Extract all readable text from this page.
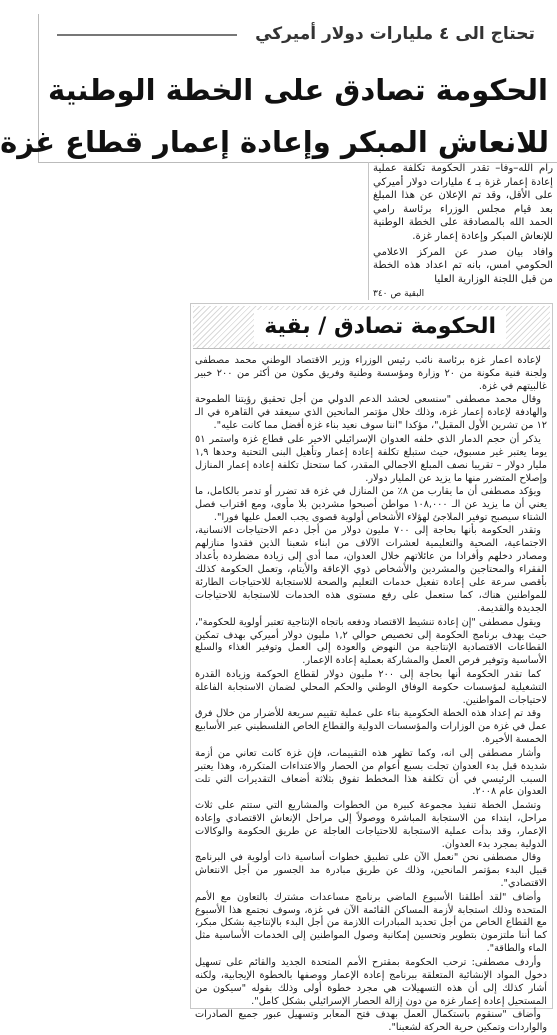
تحتاج الى ٤ مليارات دولار أميركي
الحكومة تصادق على الخطة الوطنية
للانعاش المبكر وإعادة إعمار قطاع غزة

رام الله–وفا– تقدر الحكومة تكلفة عملية إعادة إعمار غزة بـ ٤ مليارات دولار أميركي على الأقل، وقد تم الإعلان عن هذا المبلغ بعد قيام مجلس الوزراء برئاسة رامي الحمد الله بالمصادقة على الخطة الوطنية للإنعاش المبكر وإعادة إعمار غزة.

وافاد بيان صدر عن المركز الاعلامي الحكومي امس، بانه تم اعداد هذه الخطة من قبل اللجنة الوزارية العليا

البقية ص ٣٤٠
الحكومة تصادق / بقية

لإعادة اعمار غزة برئاسة نائب رئيس الوزراء وزير الاقتصاد الوطني محمد مصطفى ولجنة فنية مكونة من ٢٠ وزارة ومؤسسة وطنية وفريق مكون من أكثر من ٢٠٠ خبير غالبيتهم في غزة.

وقال محمد مصطفى "سنسعى لحشد الدعم الدولي من أجل تحقيق رؤيتنا الطموحة والهادفة لإعادة إعمار غزة، وذلك خلال مؤتمر المانحين الذي سيعقد في القاهرة في الـ ١٢ من تشرين الأول المقبل"، مؤكدا "اننا سوف نعيد بناء غزة أفضل مما كانت عليه".

يذكر أن حجم الدمار الذي خلفه العدوان الإسرائيلي الاخير على قطاع غزة واستمر ٥١ يوما يعتبر غير مسبوق، حيث ستبلغ تكلفة إعادة إعمار وتأهيل البنى التحتية وحدها ١,٩ مليار دولار – تقريبا نصف المبلغ الاجمالي المقدر، كما ستحتل تكلفة إعادة إعمار المنازل وإصلاح المتضرر منها ما يزيد عن المليار دولار.

ويؤكد مصطفى أن ما يقارب من ٨٪ من المنازل في غزة قد تضرر أو تدمر بالكامل، ما يعني أن ما يزيد عن الـ ١٠٨,٠٠٠ مواطن أصبحوا مشردين بلا مأوى، ومع اقتراب فصل الشتاء سيصبح توفير الملاجئ لهؤلاء الأشخاص أولوية قصوى يجب العمل عليها فورا".

وتقدر الحكومة بأنها بحاجة إلى ٧٠٠ مليون دولار من أجل دعم الاحتياجات الانسانية، الاجتماعية، الصحية والتعليمية لعشرات الآلاف من ابناء شعبنا الذين فقدوا منازلهم ومصادر دخلهم وأفرادا من عائلاتهم خلال العدوان، مما أدى إلى زيادة مضطردة بأعداد الفقراء والمحتاجين والمشردين والأشخاص ذوي الإعاقة والأيتام، وتعمل الحكومة كذلك بأقصى سرعة على إعادة تفعيل خدمات التعليم والصحة للاستجابة للاحتياجات الطارئة للمواطنين هناك، كما ستعمل على رفع مستوى هذه الخدمات للاستجابة للاحتياجات الجديدة والقديمة.

ويقول مصطفى "إن إعادة تنشيط الاقتصاد ودفعه باتجاه الإنتاجية تعتبر أولوية للحكومة"، حيث يهدف برنامج الحكومة إلى تخصيص حوالي ١,٢ مليون دولار أميركي بهدف تمكين القطاعات الاقتصادية الإنتاجية من النهوض والعودة إلى العمل وتوفير الغذاء والسلع الأساسية وتوفير فرص العمل والمشاركة بعملية إعادة الإعمار.

كما تقدر الحكومة أنها بحاجة إلى ٢٠٠ مليون دولار لقطاع الحوكمة وزيادة القدرة التشغيلية لمؤسسات حكومة الوفاق الوطني والحكم المحلي لضمان الاستجابة الفاعلة لاحتياجات المواطنين.

وقد تم إعداد هذه الخطة الحكومية بناء على عملية تقييم سريعة للأضرار من خلال فرق عمل في غزة من الوزارات والمؤسسات الدولية والقطاع الخاص الفلسطيني عبر الأسابيع الخمسة الأخيرة.

وأشار مصطفى إلى انه، وكما تظهر هذه التقييمات، فإن غزة كانت تعاني من أزمة شديدة قبل بدء العدوان تجلت بسبع أعوام من الحصار والاعتداءات المتكررة، وهذا يعتبر السبب الرئيسي في أن تكلفة هذا المخطط تفوق بثلاثة أضعاف التقديرات التي تلت العدوان عام ٢٠٠٨.

وتشمل الخطة تنفيذ مجموعة كبيرة من الخطوات والمشاريع التي ستتم على ثلاث مراحل، ابتداء من الاستجابة المباشرة ووصولاً إلى مراحل الإنعاش الاقتصادي وإعادة الإعمار، وقد بدأت عملية الاستجابة للاحتياجات العاجلة عن طريق الحكومة والوكالات الدولية بمجرد بدء العدوان.

وقال مصطفى نحن "نعمل الآن على تطبيق خطوات أساسية ذات أولوية في البرنامج قبيل البدء بمؤتمر المانحين، وذلك عن طريق مبادرة مد الجسور من أجل الانتعاش الاقتصادي".

وأضاف "لقد أطلقنا الأسبوع الماضي برنامج مساعدات مشترك بالتعاون مع الأمم المتحدة وذلك استجابة لأزمة المساكن القائمة الآن في غزة، وسوف نجتمع هذا الأسبوع مع القطاع الخاص من أجل تحديد المبادرات اللازمة من أجل البدء بالإنتاجية بشكل مبكر، كما أننا ملتزمون بتطوير وتحسين إمكانية وصول المواطنين إلى الخدمات الأساسية مثل الماء والطاقة".

وأردف مصطفى: ترحب الحكومة بمقترح الأمم المتحدة الجديد والقائم على تسهيل دخول المواد الإنشائية المتعلقة ببرنامج إعادة الإعمار ووصفها بالخطوة الإيجابية، ولكنه أشار كذلك إلى أن هذه التسهيلات هي مجرد خطوة أولى وذلك بقوله "سيكون من المستحيل إعادة إعمار غزة من دون إزالة الحصار الإسرائيلي بشكل كامل".

وأضاف "سنقوم باستكمال العمل بهدف فتح المعابر وتسهيل عبور جميع الصادرات والواردات وتمكين حرية الحركة لشعبنا".
